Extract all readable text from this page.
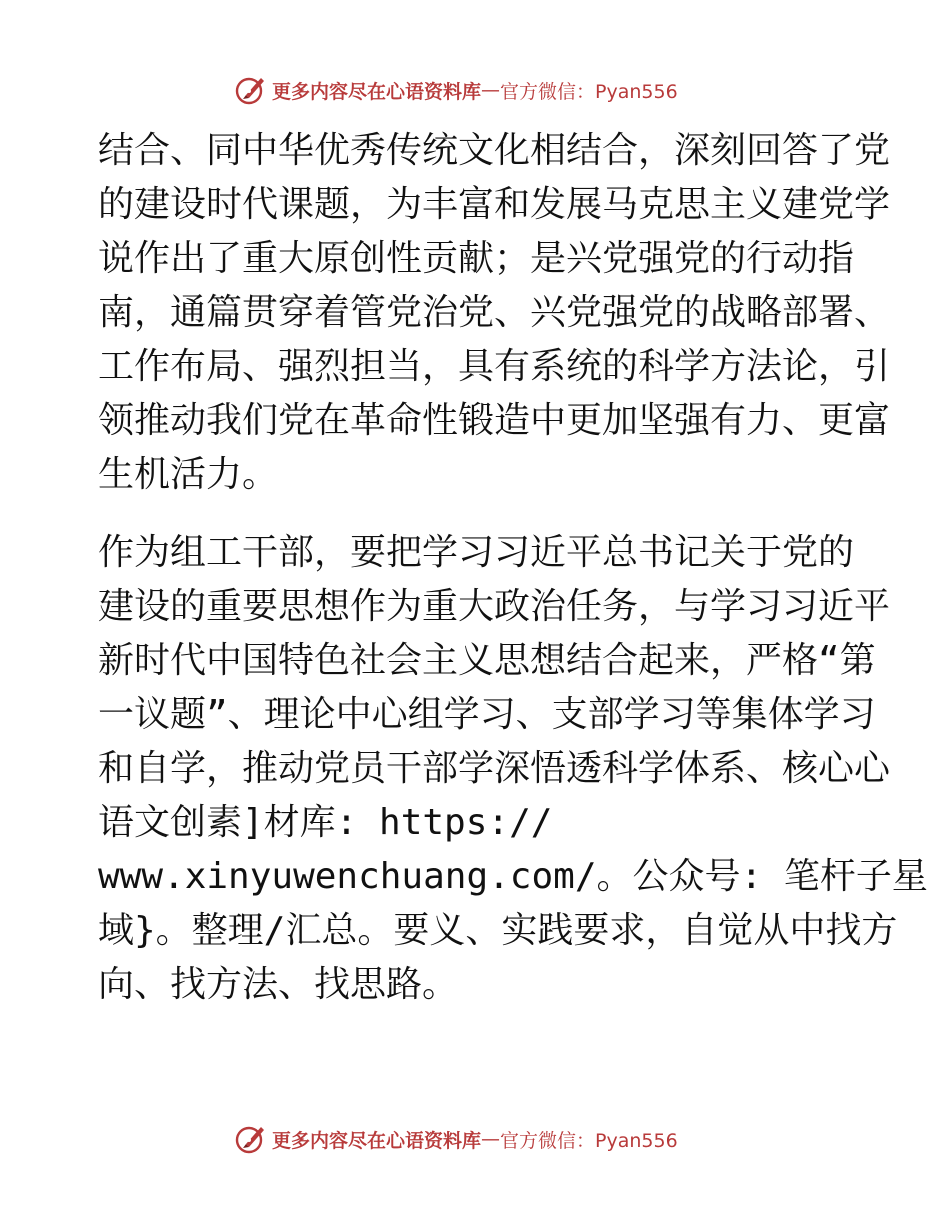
更多内容尽在心语资料库 — 官方微信：Pyan556

结合、同中华优秀传统文化相结合，深刻回答了党
的建设时代课题，为丰富和发展马克思主义建党学
说作出了重大原创性贡献；是兴党强党的行动指
南，通篇贯穿着管党治党、兴党强党的战略部署、
工作布局、强烈担当，具有系统的科学方法论，引
领推动我们党在革命性锻造中更加坚强有力、更富
生机活力。

作为组工干部，要把学习习近平总书记关于党的
建设的重要思想作为重大政治任务，与学习习近平
新时代中国特色社会主义思想结合起来，严格“第
一议题”、理论中心组学习、支部学习等集体学习
和自学，推动党员干部学深悟透科学体系、核心心
语文创素]材库: https://
www.xinyuwenchuang.com/。公众号: 笔杆子星
域}。整理/汇总。要义、实践要求，自觉从中找方
向、找方法、找思路。

更多内容尽在心语资料库 — 官方微信：Pyan556
